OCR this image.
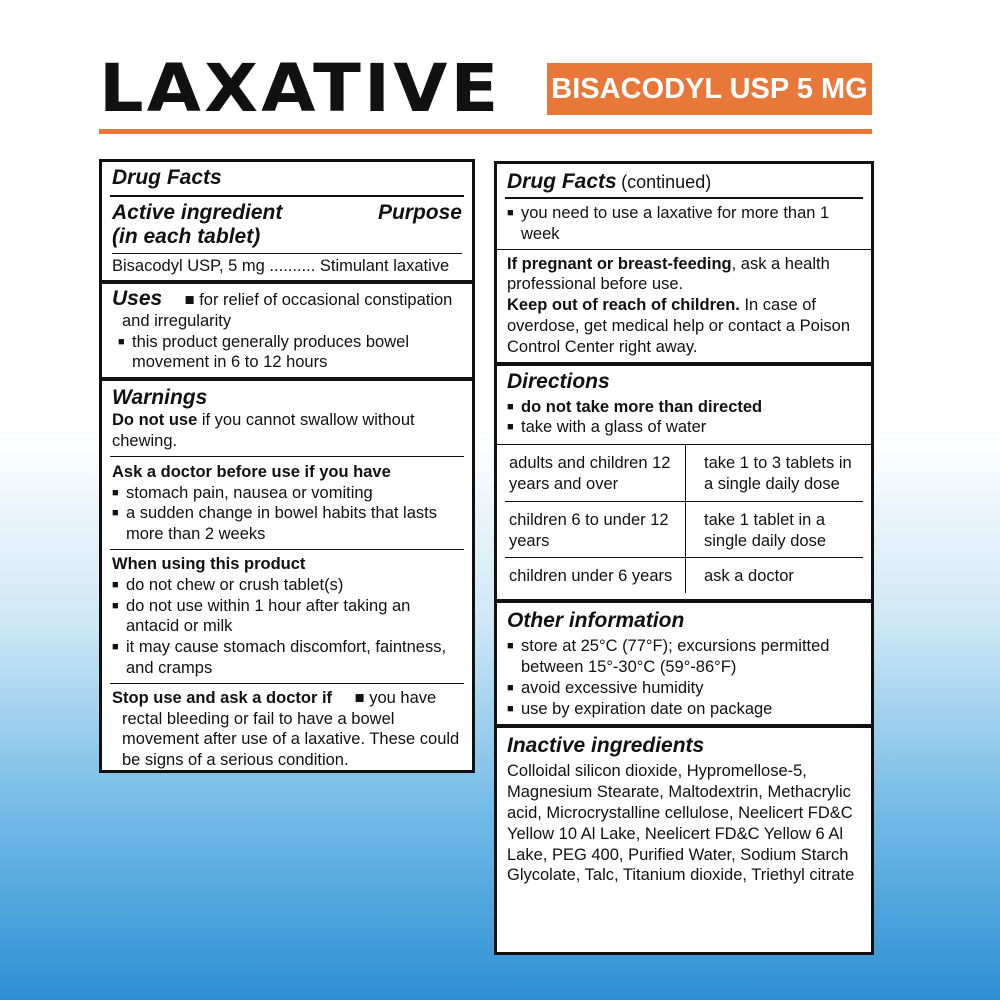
LAXATIVE BISACODYL USP 5 MG
Drug Facts
Active ingredient	Purpose
(in each tablet)
Bisacodyl USP, 5 mg .......... Stimulant laxative
Uses ■ for relief of occasional constipation
and irregularity
■ this product generally produces bowel movement in 6 to 12 hours
Warnings
Do not use if you cannot swallow without chewing.
Ask a doctor before use if you have
■ stomach pain, nausea or vomiting
■ a sudden change in bowel habits that lasts more than 2 weeks
When using this product
■ do not chew or crush tablet(s)
■ do not use within 1 hour after taking an antacid or milk
■ it may cause stomach discomfort, faintness, and cramps
Stop use and ask a doctor if ■ you have
rectal bleeding or fail to have a bowel movement after use of a laxative. These could be signs of a serious condition.
Drug Facts (continued)
■ you need to use a laxative for more than 1 week
If pregnant or breast-feeding, ask a health professional before use.
Keep out of reach of children. In case of overdose, get medical help or contact a Poison Control Center right away.
Directions
■ do not take more than directed
■ take with a glass of water
adults and children 12 years and over
take 1 to 3 tablets in a single daily dose
children 6 to under 12 years
take 1 tablet in a single daily dose
children under 6 years	ask a doctor
Other information
■ store at 25°C (77°F); excursions permitted between 15°-30°C (59°-86°F)
■ avoid excessive humidity
■ use by expiration date on package
Inactive ingredients
Colloidal silicon dioxide, Hypromellose-5, Magnesium Stearate, Maltodextrin, Methacrylic acid, Microcrystalline cellulose, Neelicert FD&C Yellow 10 Al Lake, Neelicert FD&C Yellow 6 Al Lake, PEG 400, Purified Water, Sodium Starch Glycolate, Talc, Titanium dioxide, Triethyl citrate
